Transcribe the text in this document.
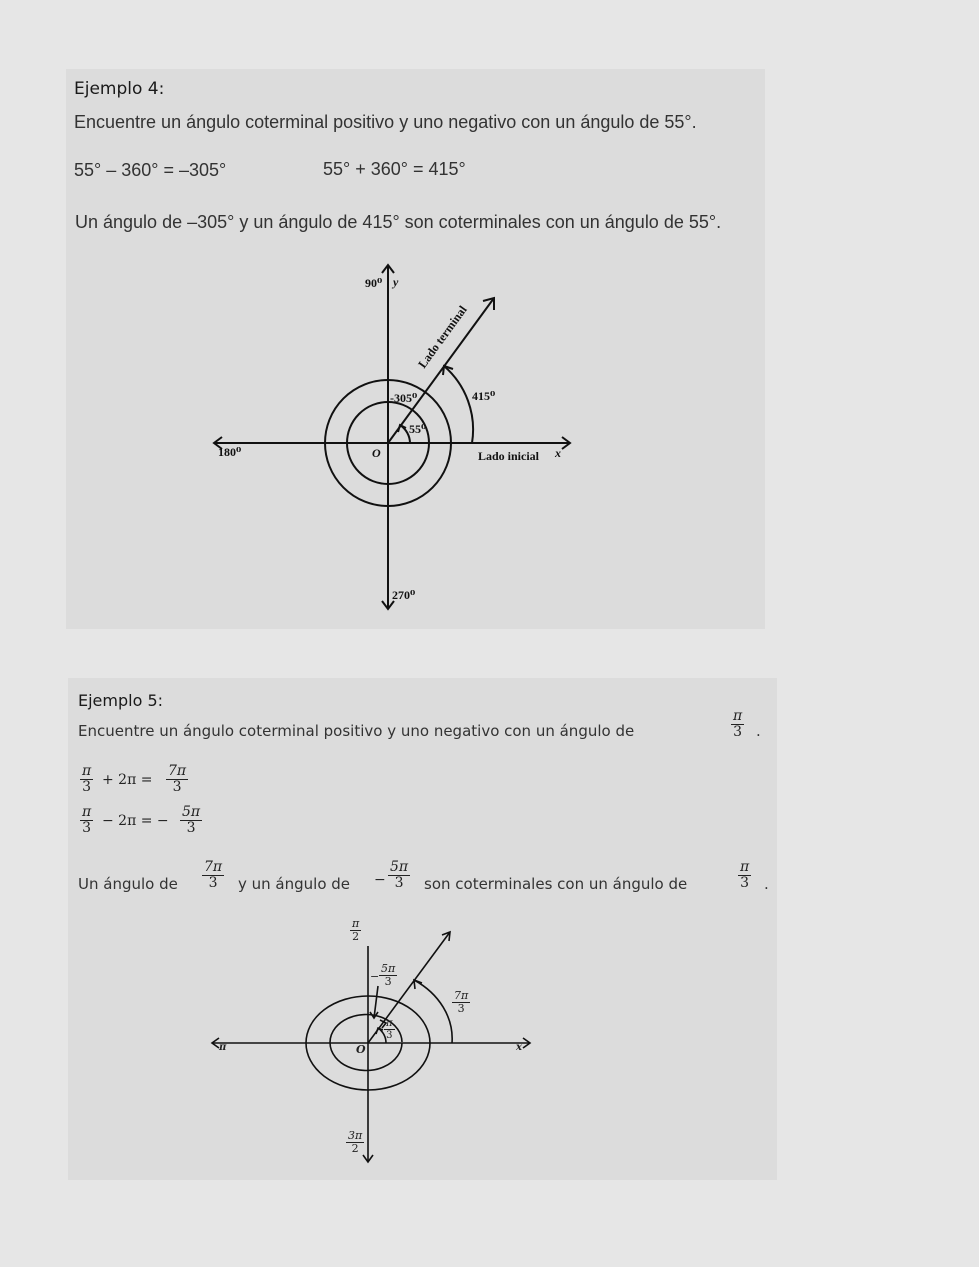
Ejemplo 4:
Encuentre un ángulo coterminal positivo y uno negativo con un ángulo de 55°.
55° – 360° = –305°	55° + 360° = 415°
Un ángulo de –305° y un ángulo de 415° son coterminales con un ángulo de 55°.
90⁰ y
Lado terminal
415⁰
-305⁰
55⁰
180⁰	O	Lado inicial x
270⁰
Ejemplo 5:
Encuentre un ángulo coterminal positivo y uno negativo con un ángulo de	$\frac{\pi}{3}$ .
$\frac{\pi}{3} + 2\pi = \frac{7\pi}{3}$
$\frac{\pi}{3} - 2\pi$ = − $\frac{5\pi}{3}$
Un ángulo de $\frac{7\pi}{3}$ y un ángulo de − $\frac{5\pi}{3}$ son coterminales con un ángulo de	$\frac{\pi}{3}$ .
$\frac{\pi}{2}$
− $\frac{5\pi}{3}$
$\frac{7\pi}{3}$
$\frac{\pi}{3}$
π	O	x
$\frac{3\pi}{2}$
